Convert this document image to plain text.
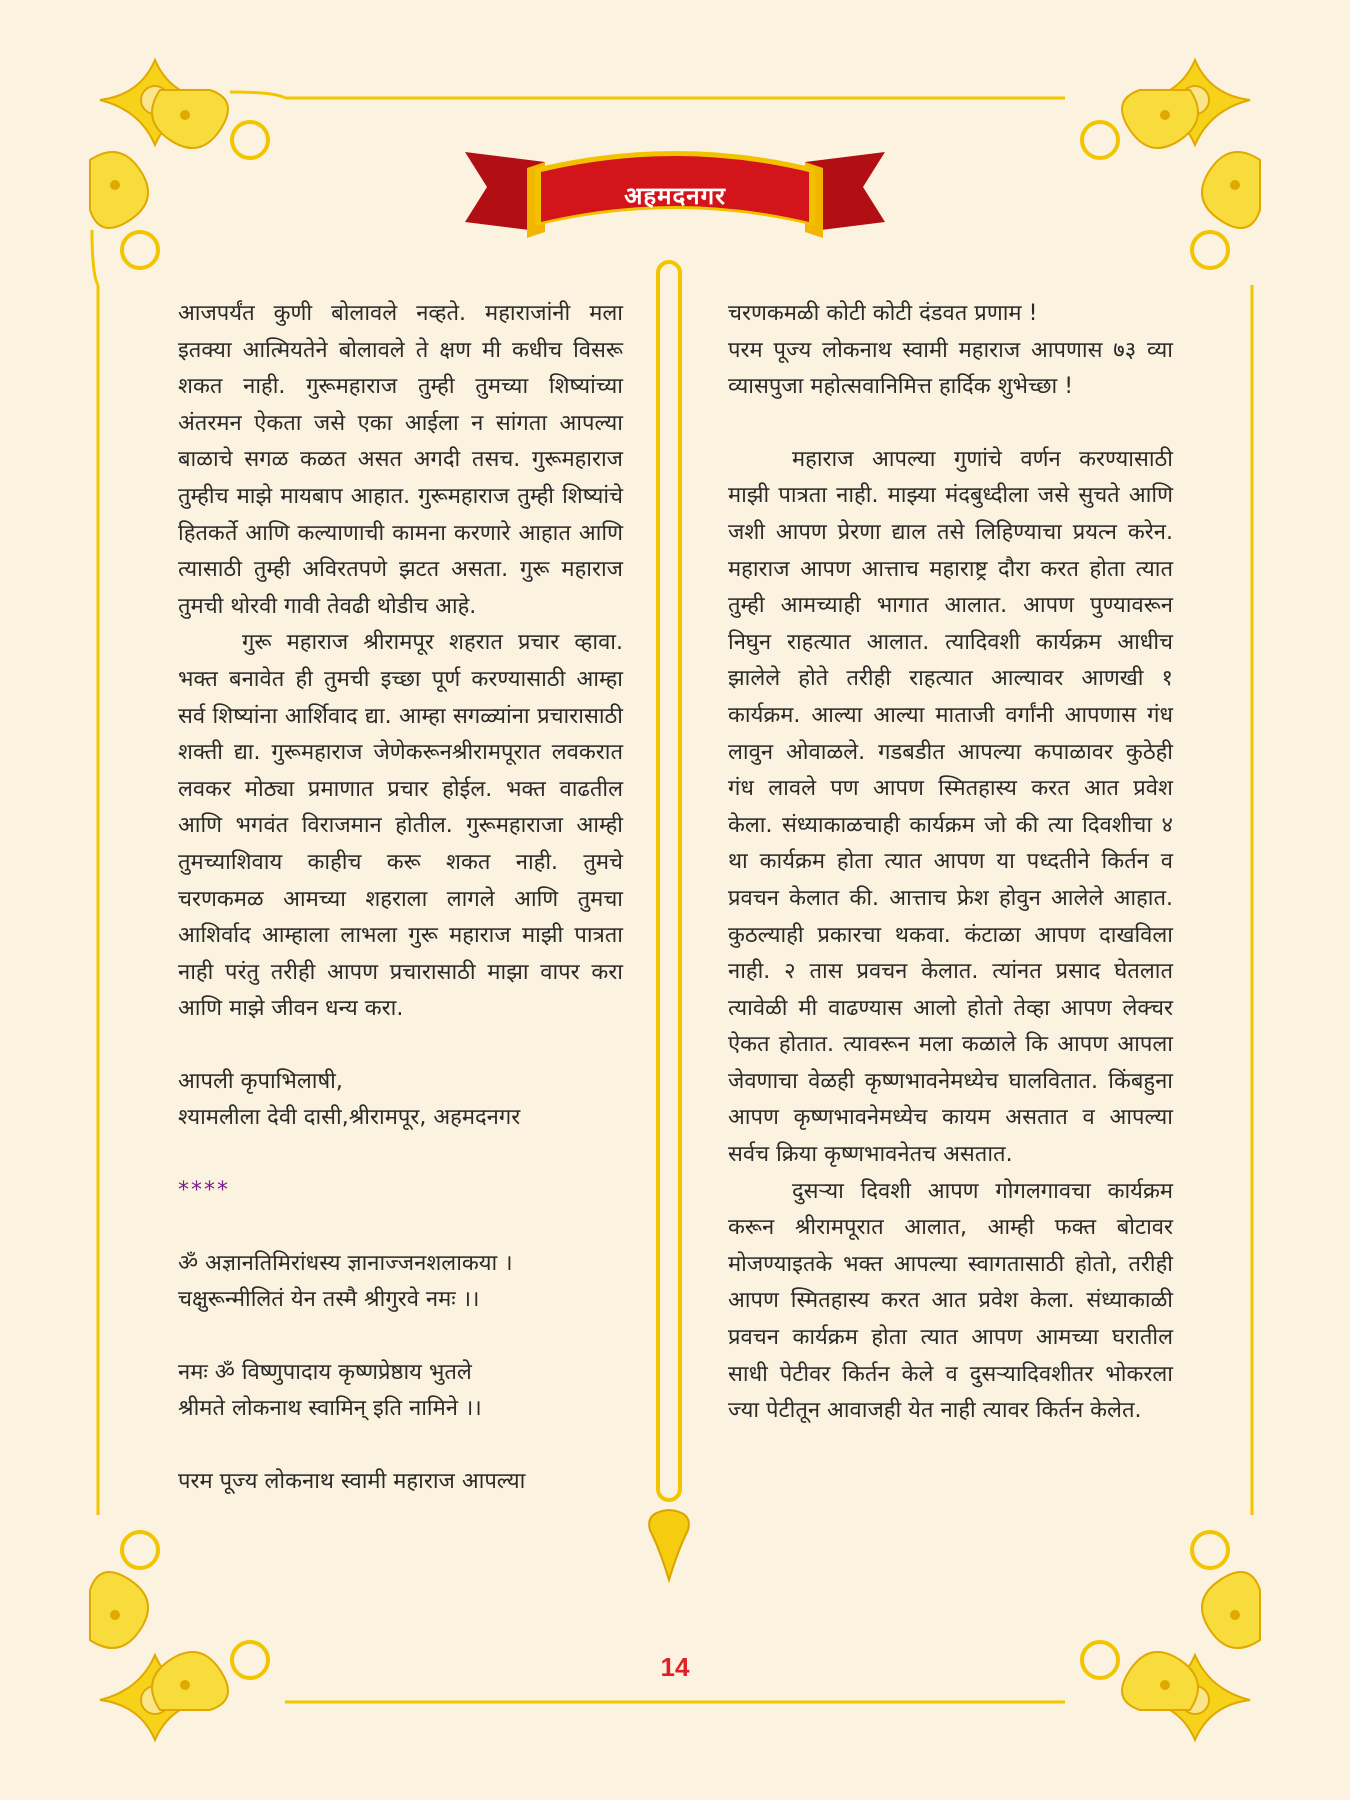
अहमदनगर

आजपर्यंत कुणी बोलावले नव्हते. महाराजांनी मला इतक्या आत्मियतेने बोलावले ते क्षण मी कधीच विसरू शकत नाही. गुरूमहाराज तुम्ही तुमच्या शिष्यांच्या अंतरमन ऐकता जसे एका आईला न सांगता आपल्या बाळाचे सगळ कळत असत अगदी तसच. गुरूमहाराज तुम्हीच माझे मायबाप आहात. गुरूमहाराज तुम्ही शिष्यांचे हितकर्ते आणि कल्याणाची कामना करणारे आहात आणि त्यासाठी तुम्ही अविरतपणे झटत असता. गुरू महाराज तुमची थोरवी गावी तेवढी थोडीच आहे.

गुरू महाराज श्रीरामपूर शहरात प्रचार व्हावा. भक्त बनावेत ही तुमची इच्छा पूर्ण करण्यासाठी आम्हा सर्व शिष्यांना आर्शिवाद द्या. आम्हा सगळ्यांना प्रचारासाठी शक्ती द्या. गुरूमहाराज जेणेकरूनश्रीरामपूरात लवकरात लवकर मोठ्या प्रमाणात प्रचार होईल. भक्त वाढतील आणि भगवंत विराजमान होतील. गुरूमहाराजा आम्ही तुमच्याशिवाय काहीच करू शकत नाही. तुमचे चरणकमळ आमच्या शहराला लागले आणि तुमचा आशिर्वाद आम्हाला लाभला गुरू महाराज माझी पात्रता नाही परंतु तरीही आपण प्रचारासाठी माझा वापर करा आणि माझे जीवन धन्य करा.

आपली कृपाभिलाषी,

श्यामलीला देवी दासी,श्रीरामपूर, अहमदनगर

****

ॐ अज्ञानतिमिरांधस्य ज्ञानाज्जनशलाकया ।

चक्षुरून्मीलितं येन तस्मै श्रीगुरवे नमः ।।

नमः ॐ विष्णुपादाय कृष्णप्रेष्ठाय भुतले

श्रीमते लोकनाथ स्वामिन् इति नामिने ।।

परम पूज्य लोकनाथ स्वामी महाराज आपल्या

चरणकमळी कोटी कोटी दंडवत प्रणाम !

परम पूज्य लोकनाथ स्वामी महाराज आपणास ७३ व्या व्यासपुजा महोत्सवानिमित्त हार्दिक शुभेच्छा !

महाराज आपल्या गुणांचे वर्णन करण्यासाठी माझी पात्रता नाही. माझ्या मंदबुध्दीला जसे सुचते आणि जशी आपण प्रेरणा द्याल तसे लिहिण्याचा प्रयत्न करेन. महाराज आपण आत्ताच महाराष्ट्र दौरा करत होता त्यात तुम्ही आमच्याही भागात आलात. आपण पुण्यावरून निघुन राहत्यात आलात. त्यादिवशी कार्यक्रम आधीच झालेले होते तरीही राहत्यात आल्यावर आणखी १ कार्यक्रम. आल्या आल्या माताजी वर्गांनी आपणास गंध लावुन ओवाळले. गडबडीत आपल्या कपाळावर कुठेही गंध लावले पण आपण स्मितहास्य करत आत प्रवेश केला. संध्याकाळचाही कार्यक्रम जो की त्या दिवशीचा ४ था कार्यक्रम होता त्यात आपण या पध्दतीने किर्तन व प्रवचन केलात की. आत्ताच फ्रेश होवुन आलेले आहात. कुठल्याही प्रकारचा थकवा. कंटाळा आपण दाखविला नाही. २ तास प्रवचन केलात. त्यांनत प्रसाद घेतलात त्यावेळी मी वाढण्यास आलो होतो तेव्हा आपण लेक्चर ऐकत होतात. त्यावरून मला कळाले कि आपण आपला जेवणाचा वेळही कृष्णभावनेमध्येच घालवितात. किंबहुना आपण कृष्णभावनेमध्येच कायम असतात व आपल्या सर्वच क्रिया कृष्णभावनेतच असतात.

दुसऱ्या दिवशी आपण गोगलगावचा कार्यक्रम करून श्रीरामपूरात आलात, आम्ही फक्त बोटावर मोजण्याइतके भक्त आपल्या स्वागतासाठी होतो, तरीही आपण स्मितहास्य करत आत प्रवेश केला. संध्याकाळी प्रवचन कार्यक्रम होता त्यात आपण आमच्या घरातील साधी पेटीवर किर्तन केले व दुसऱ्यादिवशीतर भोकरला ज्या पेटीतून आवाजही येत नाही त्यावर किर्तन केलेत.

14
